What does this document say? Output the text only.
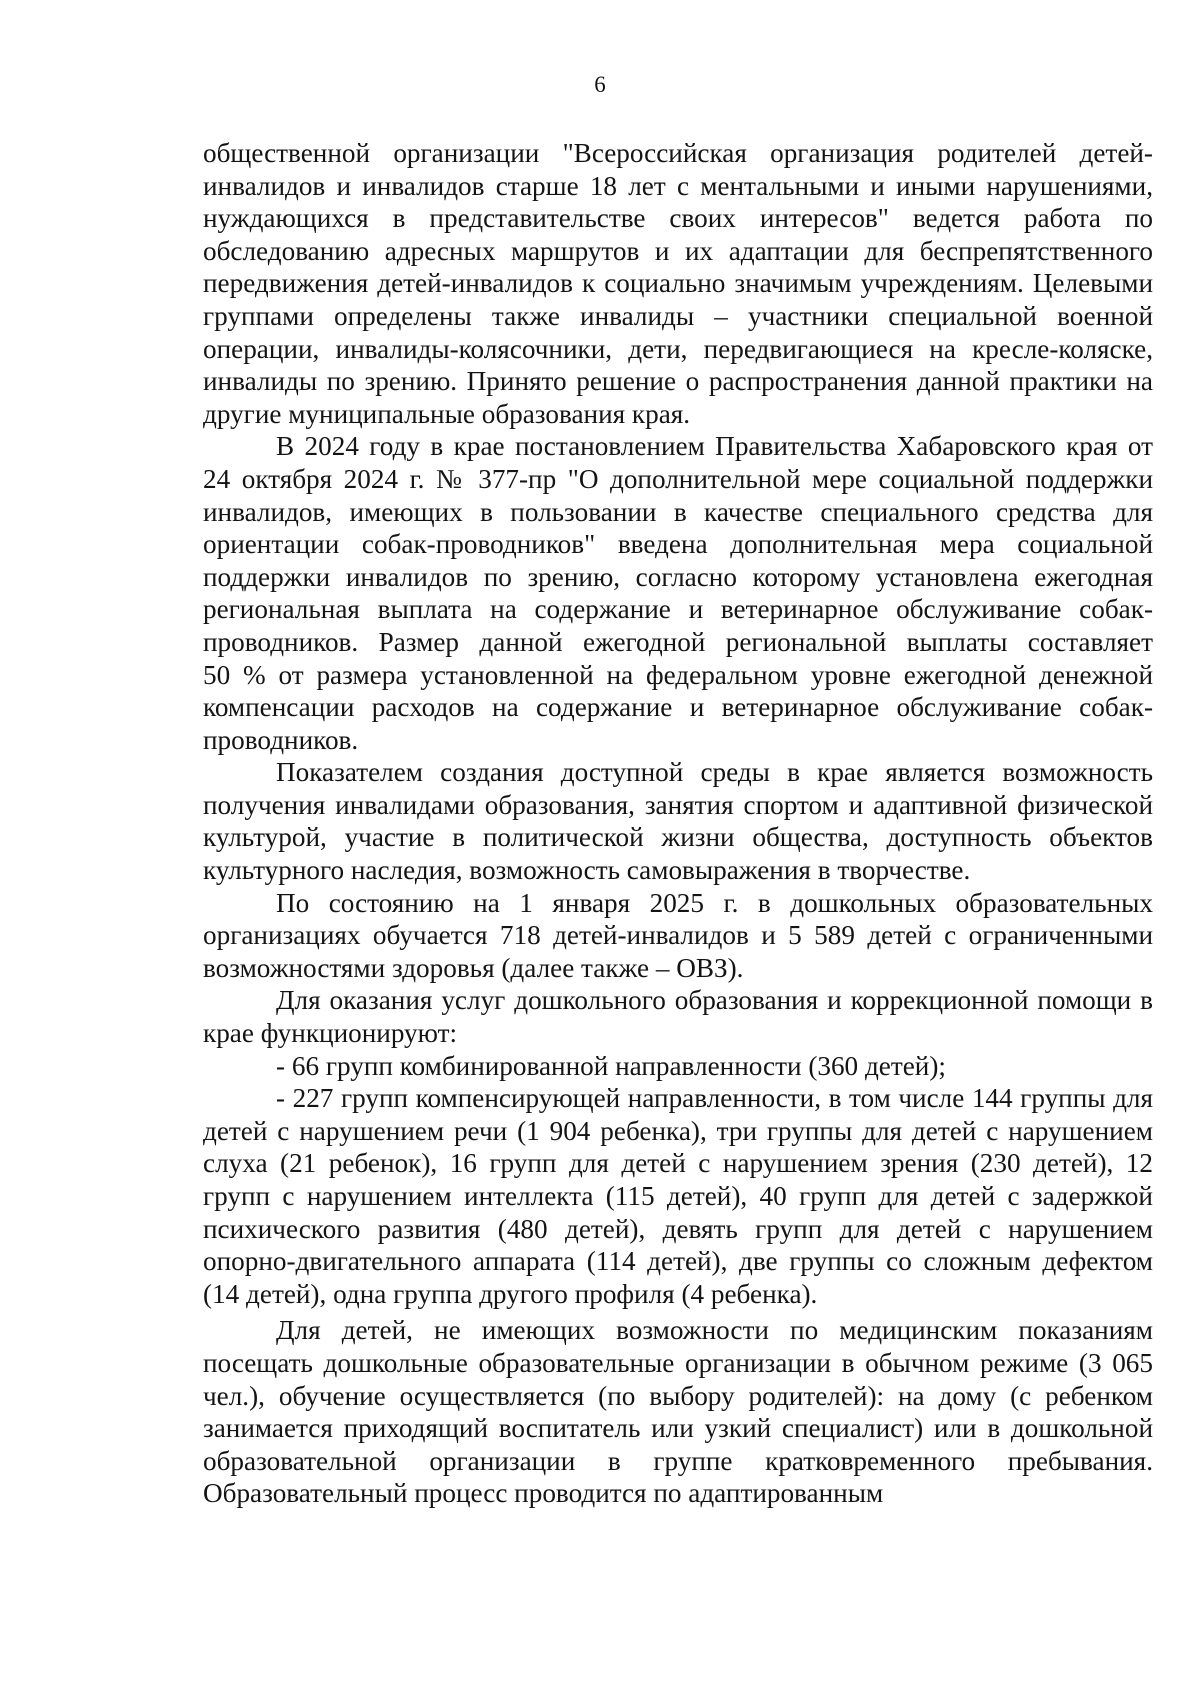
6

общественной организации "Всероссийская организация родителей детей-инвалидов и инвалидов старше 18 лет с ментальными и иными нарушениями, нуждающихся в представительстве своих интересов" ведется работа по обследованию адресных маршрутов и их адаптации для беспрепятственного передвижения детей-инвалидов к социально значимым учреждениям. Целевыми группами определены также инвалиды – участники специальной военной операции, инвалиды-колясочники, дети, передвигающиеся на кресле-коляске, инвалиды по зрению. Принято решение о распространения данной практики на другие муниципальные образования края.

В 2024 году в крае постановлением Правительства Хабаровского края от 24 октября 2024 г. № 377-пр "О дополнительной мере социальной поддержки инвалидов, имеющих в пользовании в качестве специального средства для ориентации собак-проводников" введена дополнительная мера социальной поддержки инвалидов по зрению, согласно которому установлена ежегодная региональная выплата на содержание и ветеринарное обслуживание собак-проводников. Размер данной ежегодной региональной выплаты составляет

50 % от размера установленной на федеральном уровне ежегодной денежной компенсации расходов на содержание и ветеринарное обслуживание собак-проводников.

Показателем создания доступной среды в крае является возможность получения инвалидами образования, занятия спортом и адаптивной физической культурой, участие в политической жизни общества, доступность объектов культурного наследия, возможность самовыражения в творчестве.

По состоянию на 1 января 2025 г. в дошкольных образовательных организациях обучается 718 детей-инвалидов и 5 589 детей с ограниченными возможностями здоровья (далее также – ОВЗ).

Для оказания услуг дошкольного образования и коррекционной помощи в крае функционируют:

- 66 групп комбинированной направленности (360 детей);

- 227 групп компенсирующей направленности, в том числе 144 группы для детей с нарушением речи (1 904 ребенка), три группы для детей с нарушением слуха (21 ребенок), 16 групп для детей с нарушением зрения (230 детей), 12 групп с нарушением интеллекта (115 детей), 40 групп для детей с задержкой психического развития (480 детей), девять групп для детей с нарушением опорно-двигательного аппарата (114 детей), две группы со сложным дефектом (14 детей), одна группа другого профиля (4 ребенка).

Для детей, не имеющих возможности по медицинским показаниям посещать дошкольные образовательные организации в обычном режиме (3 065 чел.), обучение осуществляется (по выбору родителей): на дому (с ребенком занимается приходящий воспитатель или узкий специалист) или в дошкольной образовательной организации в группе кратковременного пребывания. Образовательный процесс проводится по адаптированным
